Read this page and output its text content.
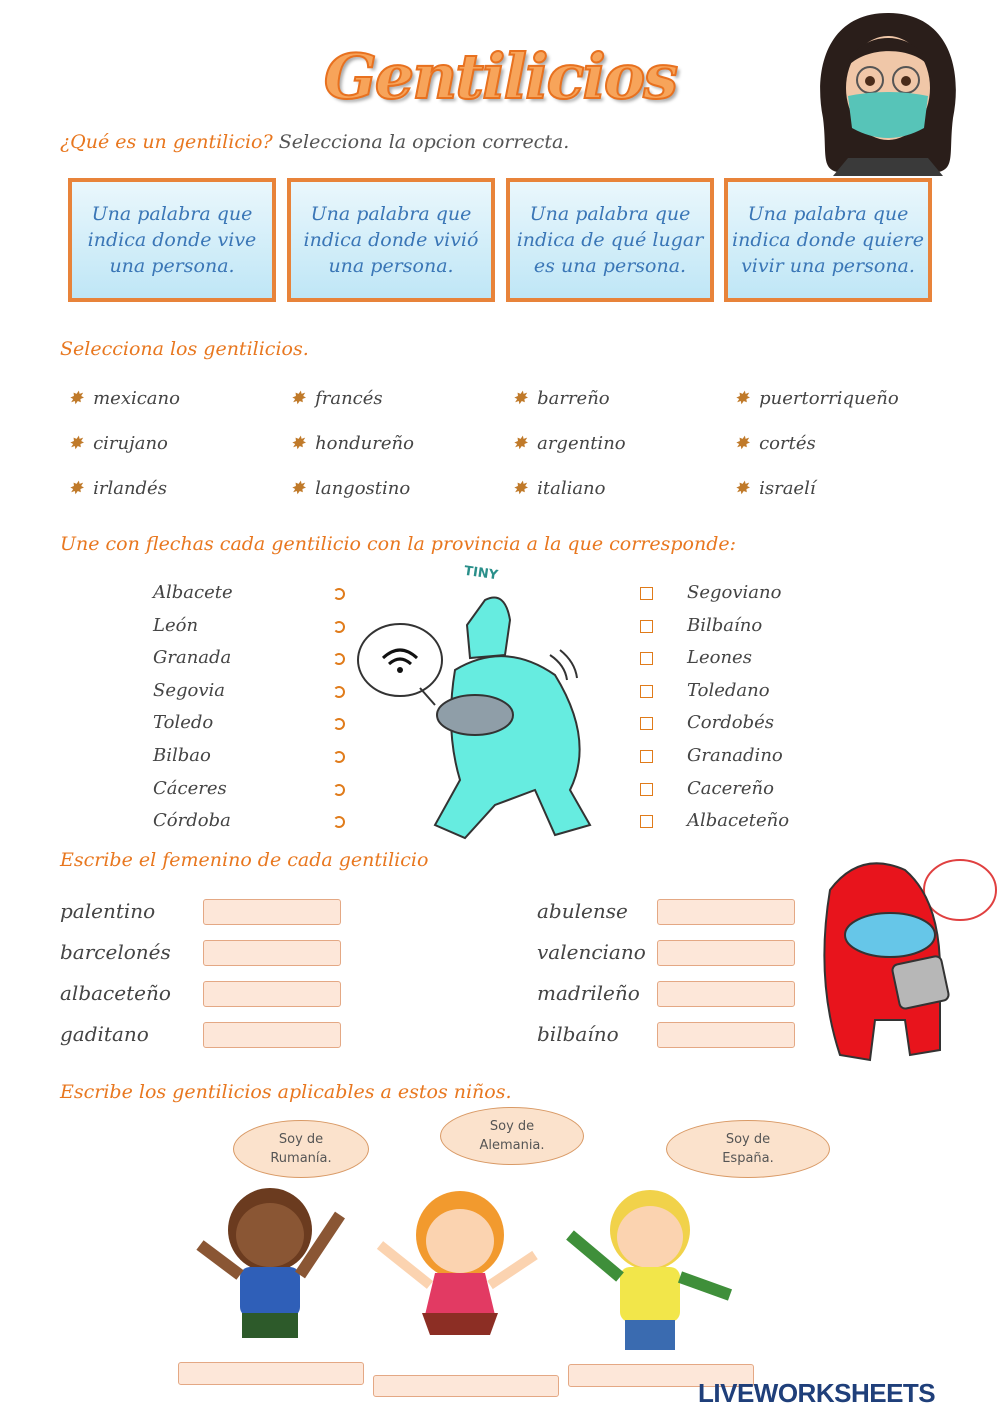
Gentilicios
¿Qué es un gentilicio? Selecciona la opcion correcta.
Una palabra que indica donde vive una persona.
Una palabra que indica donde vivió una persona.
Una palabra que indica de qué lugar es una persona.
Una palabra que indica donde quiere vivir una persona.
Selecciona los gentilicios.
Une con flechas cada gentilicio con la provincia a la que corresponde:
TINY
Escribe el femenino de cada gentilicio
Escribe los gentilicios aplicables a estos niños.
Soy de
Rumanía.
Soy de
Alemania.	Soy de
España.
LIVEWORKSHEETS
✸ mexicano	✸ francés	✸ barreño	✸ puertorriqueño
✸ cirujano	✸ hondureño	✸ argentino	✸ cortés
✸ irlandés	✸ langostino	✸ italiano	✸ israelí
Albacete	Segoviano
León	Bilbaíno
Granada	Leones
Segovia	Toledano
Toledo	Cordobés
Bilbao	Granadino
Cáceres	Cacereño
Córdoba	Albaceteño
palentino	abulense
barcelonés	valenciano
albaceteño	madrileño
gaditano	bilbaíno
